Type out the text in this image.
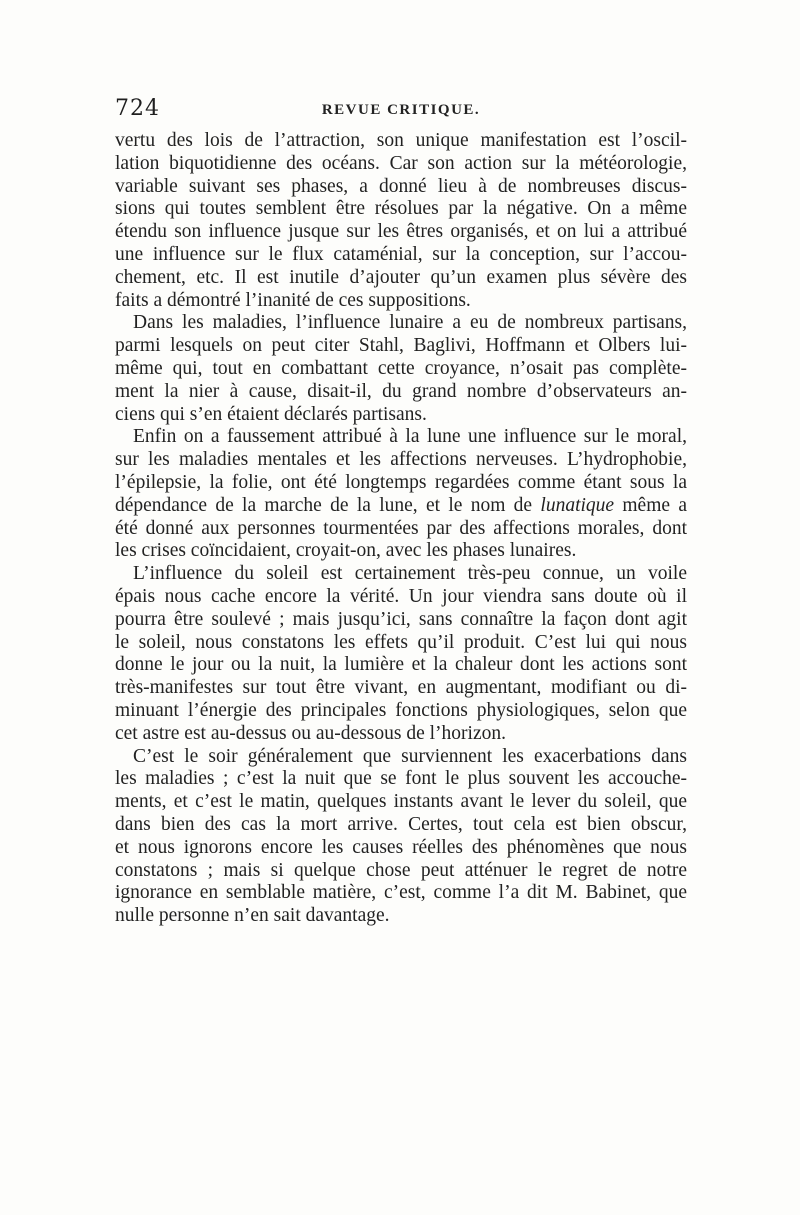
724	REVUE CRITIQUE.
vertu des lois de l’attraction, son unique manifestation est l’oscil-
lation biquotidienne des océans. Car son action sur la météorologie,
variable suivant ses phases, a donné lieu à de nombreuses discus-
sions qui toutes semblent être résolues par la négative. On a même
étendu son influence jusque sur les êtres organisés, et on lui a attribué
une influence sur le flux cataménial, sur la conception, sur l’accou-
chement, etc. Il est inutile d’ajouter qu’un examen plus sévère des
faits a démontré l’inanité de ces suppositions.
Dans les maladies, l’influence lunaire a eu de nombreux partisans,
parmi lesquels on peut citer Stahl, Baglivi, Hoffmann et Olbers lui-
même qui, tout en combattant cette croyance, n’osait pas complète-
ment la nier à cause, disait-il, du grand nombre d’observateurs an-
ciens qui s’en étaient déclarés partisans.
Enfin on a faussement attribué à la lune une influence sur le moral,
sur les maladies mentales et les affections nerveuses. L’hydrophobie,
l’épilepsie, la folie, ont été longtemps regardées comme étant sous la
dépendance de la marche de la lune, et le nom de lunatique même a
été donné aux personnes tourmentées par des affections morales, dont
les crises coïncidaient, croyait-on, avec les phases lunaires.
L’influence du soleil est certainement très-peu connue, un voile
épais nous cache encore la vérité. Un jour viendra sans doute où il
pourra être soulevé ; mais jusqu’ici, sans connaître la façon dont agit
le soleil, nous constatons les effets qu’il produit. C’est lui qui nous
donne le jour ou la nuit, la lumière et la chaleur dont les actions sont
très-manifestes sur tout être vivant, en augmentant, modifiant ou di-
minuant l’énergie des principales fonctions physiologiques, selon que
cet astre est au-dessus ou au-dessous de l’horizon.
C’est le soir généralement que surviennent les exacerbations dans
les maladies ; c’est la nuit que se font le plus souvent les accouche-
ments, et c’est le matin, quelques instants avant le lever du soleil, que
dans bien des cas la mort arrive. Certes, tout cela est bien obscur,
et nous ignorons encore les causes réelles des phénomènes que nous
constatons ; mais si quelque chose peut atténuer le regret de notre
ignorance en semblable matière, c’est, comme l’a dit M. Babinet, que
nulle personne n’en sait davantage.
